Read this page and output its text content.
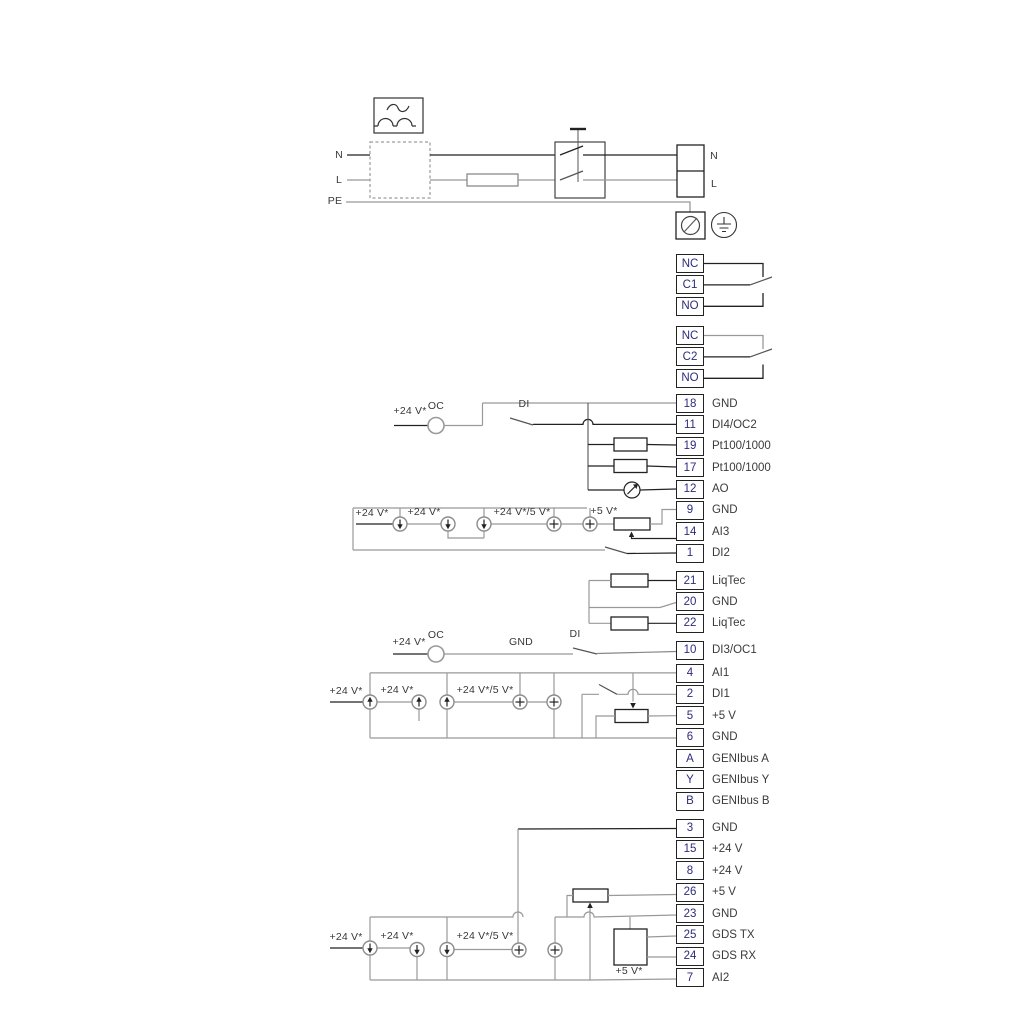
N
L
PE
N
L
+24 V* OC	DI
+24 V* +24 V*	+24 V*/5 V*	+5 V*
+24 V*
OC
GND
DI
+24 V* +24 V*	+24 V*/5 V*
+24 V* +24 V*	+24 V*/5 V*
+5 V*
NC
C1
NO
NC
C2
NO
18	GND
11	DI4/OC2
19	Pt100/1000
17	Pt100/1000
12	AO
9	GND
14	AI3
1	DI2
21	LiqTec
20	GND
22	LiqTec
10	DI3/OC1
4	AI1
2	DI1
5	+5 V
6	GND
A	GENIbus A
Y	GENIbus Y
B	GENIbus B
3	GND
15	+24 V
8	+24 V
26	+5 V
23	GND
25	GDS TX
24	GDS RX
7	AI2
